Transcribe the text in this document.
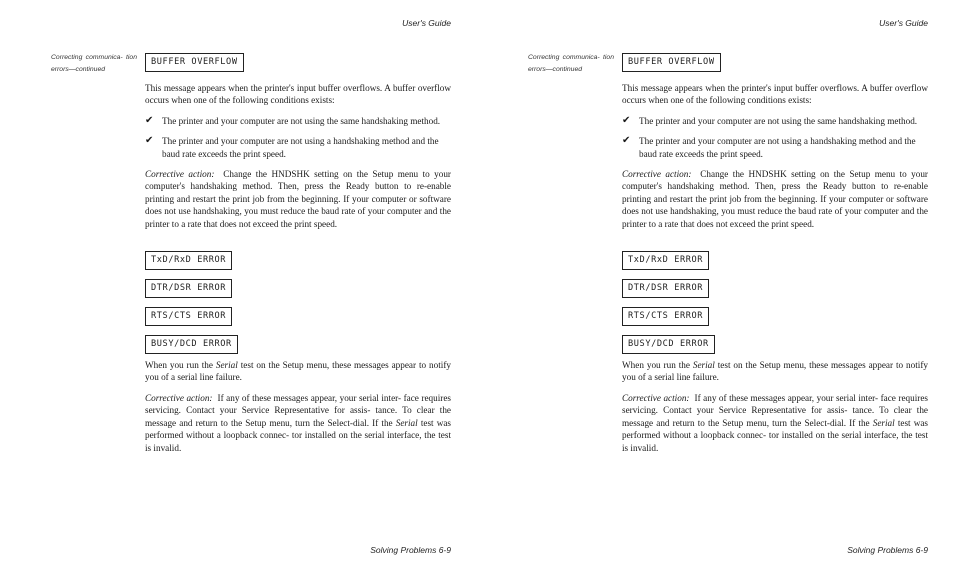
User's Guide
Correcting communica- tion errors—continued
BUFFER OVERFLOW

This message appears when the printer's input buffer overflows. A buffer overflow occurs when one of the following conditions exists:

✔ The printer and your computer are not using the same handshaking method.
✔ The printer and your computer are not using a handshaking method and the baud rate exceeds the print speed.

Corrective action: Change the HNDSHK setting on the Setup menu to your computer's handshaking method. Then, press the Ready button to re-enable printing and restart the print job from the beginning. If your computer or software does not use handshaking, you must reduce the baud rate of your computer and the printer to a rate that does not exceed the print speed.

TxD/RxD ERROR
DTR/DSR ERROR
RTS/CTS ERROR
BUSY/DCD ERROR

When you run the Serial test on the Setup menu, these messages appear to notify you of a serial line failure.

Corrective action: If any of these messages appear, your serial inter- face requires servicing. Contact your Service Representative for assis- tance. To clear the message and return to the Setup menu, turn the Select-dial. If the Serial test was performed without a loopback connec- tor installed on the serial interface, the test is invalid.

Solving Problems 6-9
User's Guide
Correcting communica- tion errors—continued
BUFFER OVERFLOW

This message appears when the printer's input buffer overflows. A buffer overflow occurs when one of the following conditions exists:

✔ The printer and your computer are not using the same handshaking method.
✔ The printer and your computer are not using a handshaking method and the baud rate exceeds the print speed.

Corrective action: Change the HNDSHK setting on the Setup menu to your computer's handshaking method. Then, press the Ready button to re-enable printing and restart the print job from the beginning. If your computer or software does not use handshaking, you must reduce the baud rate of your computer and the printer to a rate that does not exceed the print speed.

TxD/RxD ERROR
DTR/DSR ERROR
RTS/CTS ERROR
BUSY/DCD ERROR

When you run the Serial test on the Setup menu, these messages appear to notify you of a serial line failure.

Corrective action: If any of these messages appear, your serial inter- face requires servicing. Contact your Service Representative for assis- tance. To clear the message and return to the Setup menu, turn the Select-dial. If the Serial test was performed without a loopback connec- tor installed on the serial interface, the test is invalid.

Solving Problems 6-9
